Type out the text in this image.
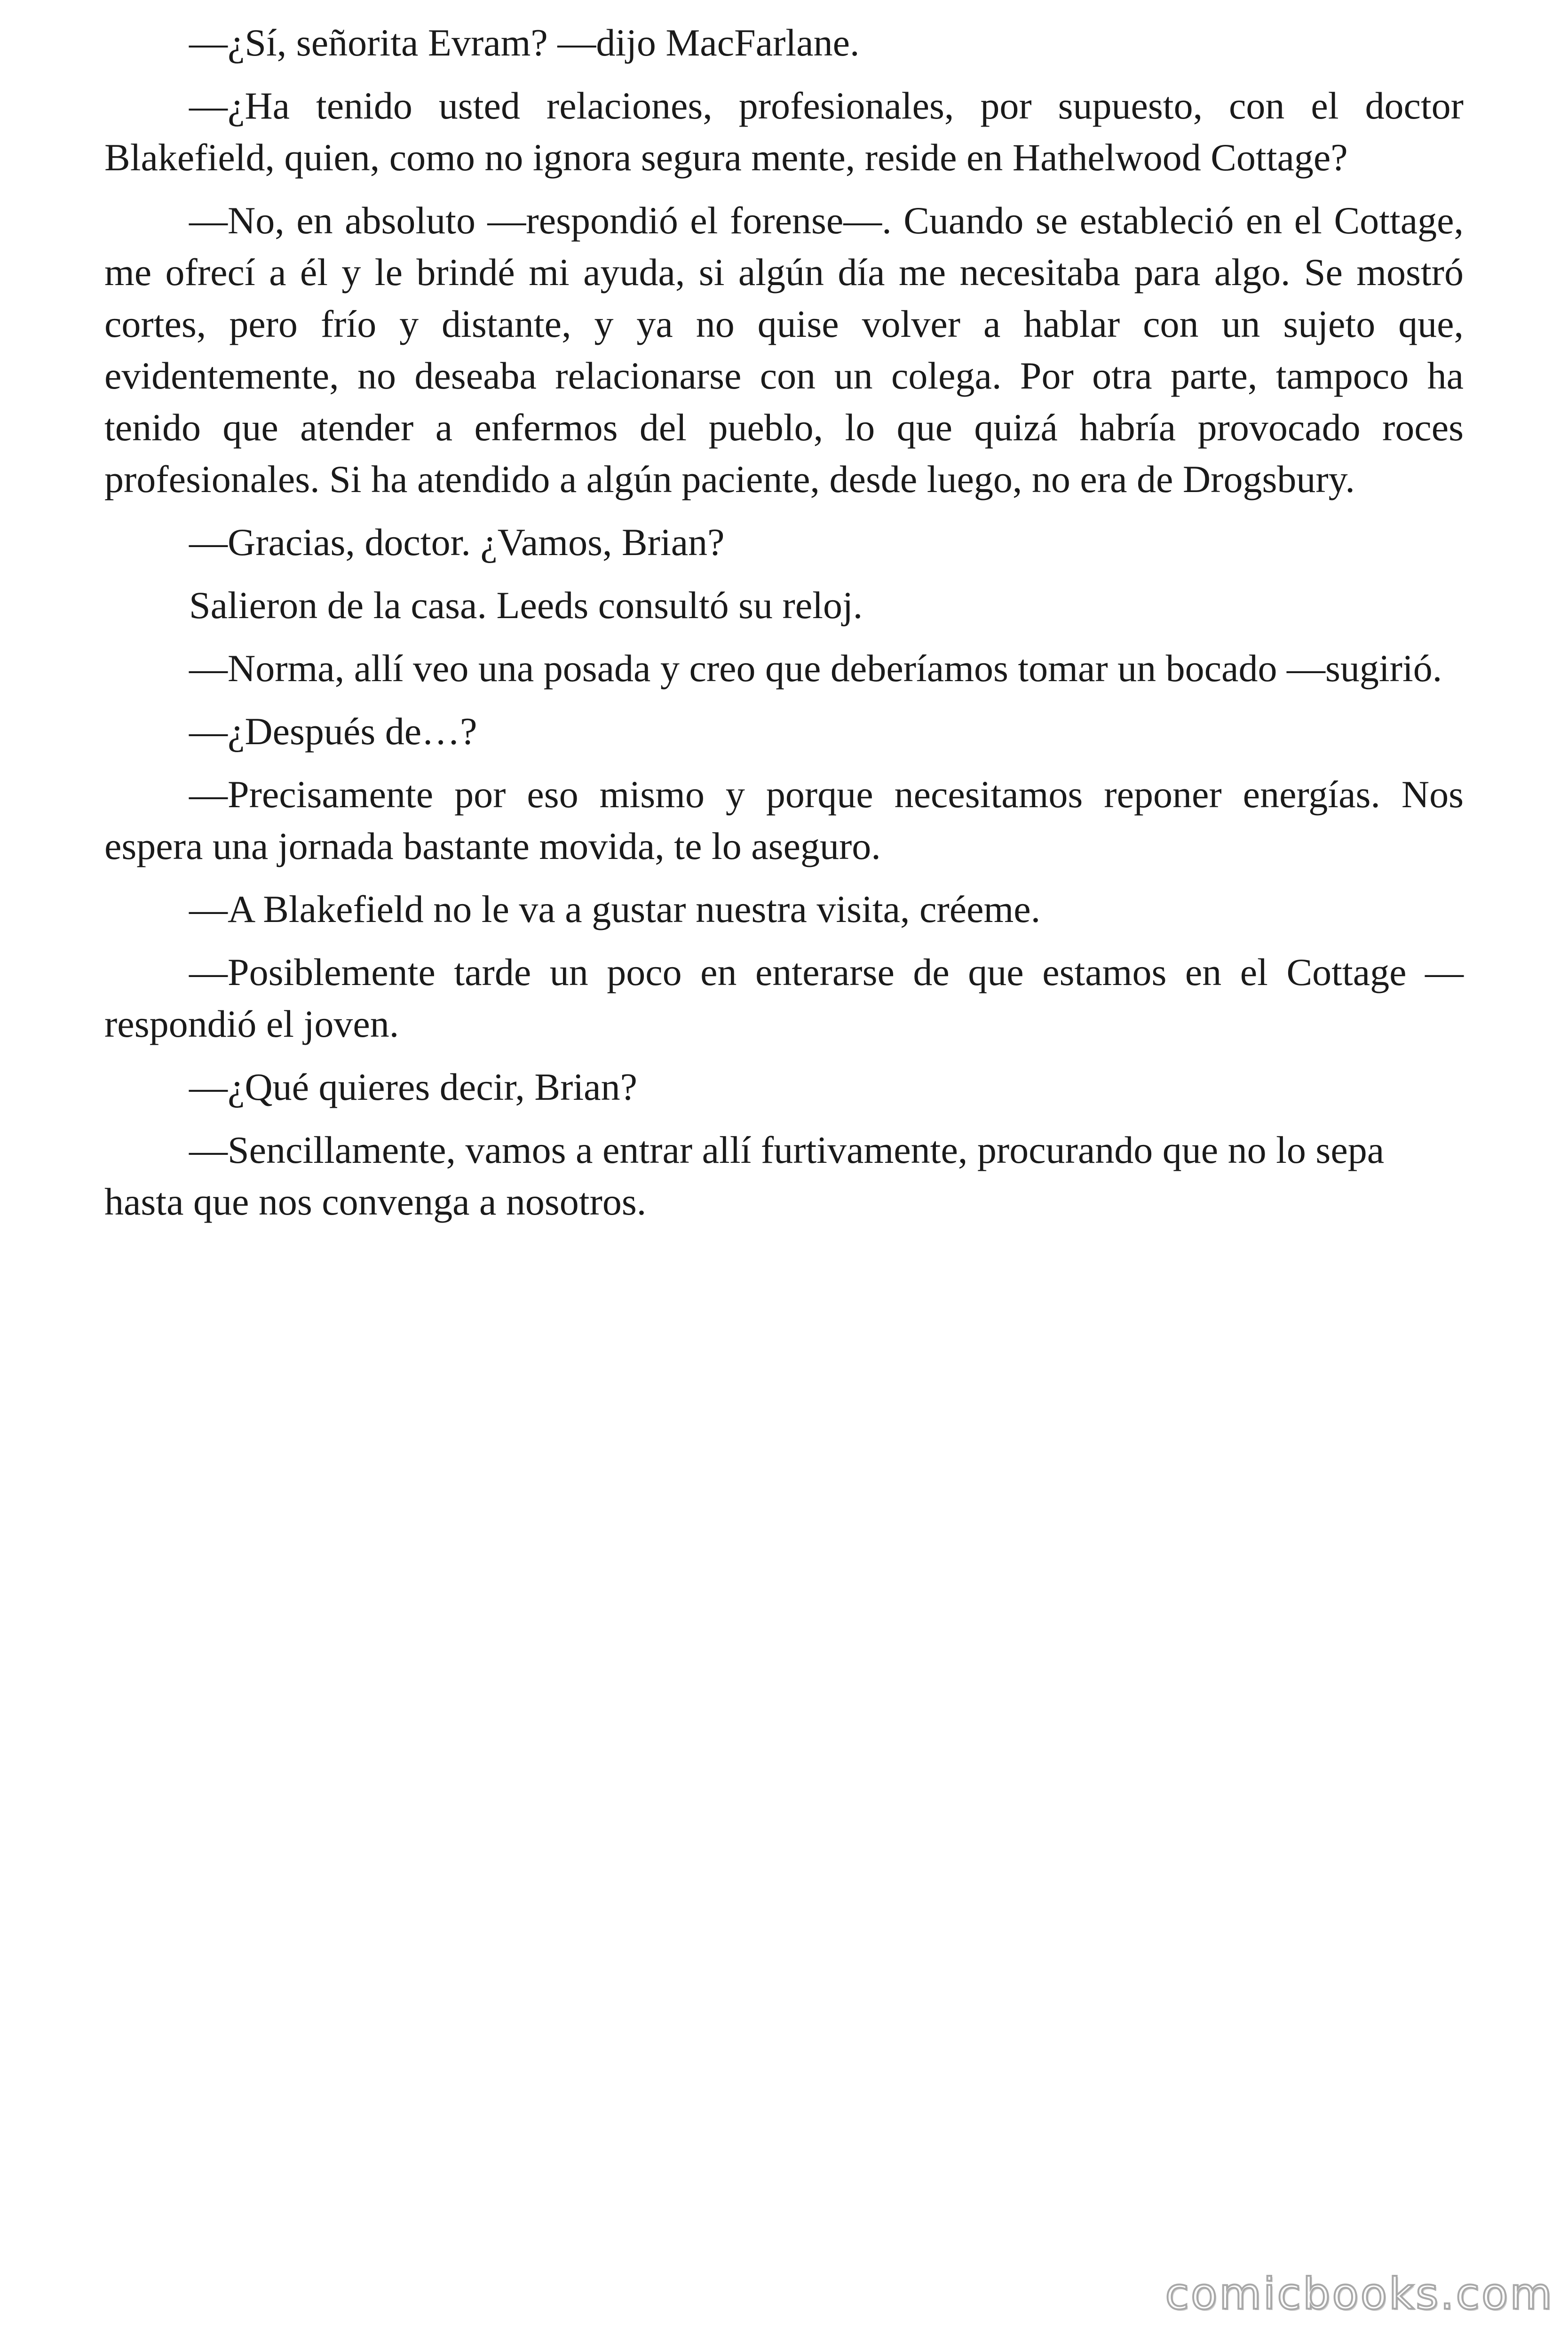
—¿Sí, señorita Evram? —dijo MacFarlane.

—¿Ha tenido usted relaciones, profesionales, por supuesto, con el doctor Blakefield, quien, como no ignora segura mente, reside en Hathelwood Cottage?

—No, en absoluto —respondió el forense—. Cuando se estableció en el Cottage, me ofrecí a él y le brindé mi ayuda, si algún día me necesitaba para algo. Se mostró cortes, pero frío y distante, y ya no quise volver a hablar con un sujeto que, evidentemente, no deseaba relacionarse con un colega. Por otra parte, tampoco ha tenido que atender a enfermos del pueblo, lo que quizá habría provocado roces profesionales. Si ha atendido a algún paciente, desde luego, no era de Drogsbury.

—Gracias, doctor. ¿Vamos, Brian?

Salieron de la casa. Leeds consultó su reloj.

—Norma, allí veo una posada y creo que deberíamos tomar un bocado —sugirió.

—¿Después de…?

—Precisamente por eso mismo y porque necesitamos reponer energías. Nos espera una jornada bastante movida, te lo aseguro.

—A Blakefield no le va a gustar nuestra visita, créeme.

—Posiblemente tarde un poco en enterarse de que estamos en el Cottage —respondió el joven.

—¿Qué quieres decir, Brian?

—Sencillamente, vamos a entrar allí furtivamente, procurando que no lo sepa hasta que nos convenga a nosotros.

comicbooks.com
